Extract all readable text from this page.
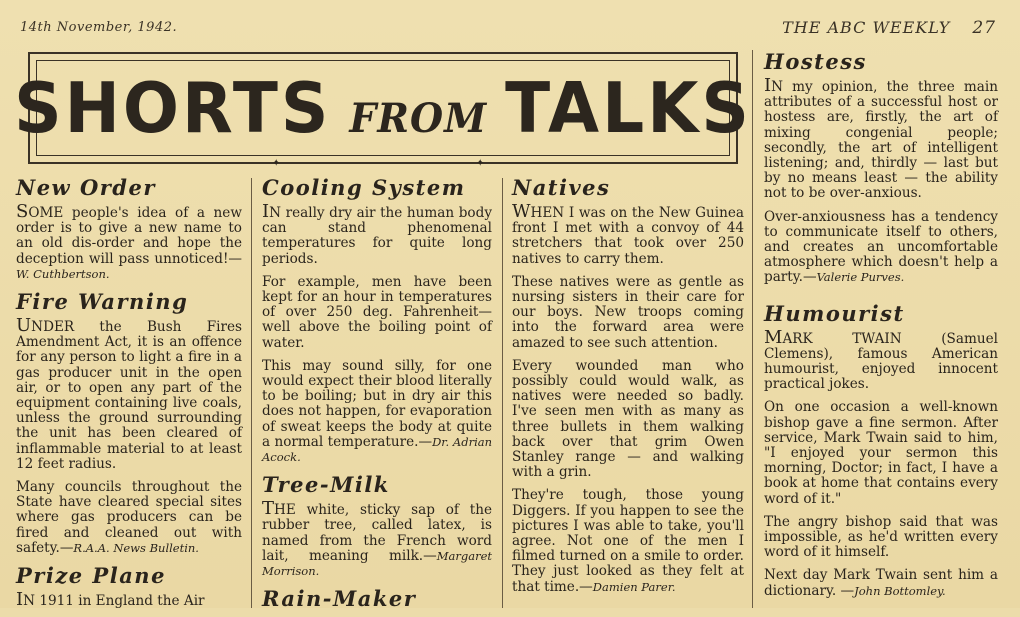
14th November, 1942.	THE ABC WEEKLY 27
SHORTS FROM TALKS
✦	✦
New Order

SOME people's idea of a new order is to give a new name to an old dis-order and hope the deception will pass unnoticed!—W. Cuthbertson.

Fire Warning

UNDER the Bush Fires Amendment Act, it is an offence for any person to light a fire in a gas producer unit in the open air, or to open any part of the equipment containing live coals, unless the ground surrounding the unit has been cleared of inflammable material to at least 12 feet radius.

Many councils throughout the State have cleared special sites where gas producers can be fired and cleaned out with safety.—R.A.A. News Bulletin.

Prize Plane

IN 1911 in England the Air

Cooling System

IN really dry air the human body can stand phenomenal temperatures for quite long periods.

For example, men have been kept for an hour in temperatures of over 250 deg. Fahrenheit—well above the boiling point of water.

This may sound silly, for one would expect their blood literally to be boiling; but in dry air this does not happen, for evaporation of sweat keeps the body at quite a normal temperature.—Dr. Adrian Acock.

Tree-Milk

THE white, sticky sap of the rubber tree, called latex, is named from the French word lait, meaning milk.—Margaret Morrison.

Rain-Maker
Natives

WHEN I was on the New Guinea front I met with a convoy of 44 stretchers that took over 250 natives to carry them.

These natives were as gentle as nursing sisters in their care for our boys. New troops coming into the forward area were amazed to see such attention.

Every wounded man who possibly could would walk, as natives were needed so badly. I've seen men with as many as three bullets in them walking back over that grim Owen Stanley range — and walking with a grin.

They're tough, those young Diggers. If you happen to see the pictures I was able to take, you'll agree. Not one of the men I filmed turned on a smile to order. They just looked as they felt at that time.—Damien Parer.

Hostess

IN my opinion, the three main attributes of a successful host or hostess are, firstly, the art of mixing congenial people; secondly, the art of intelligent listening; and, thirdly — last but by no means least — the ability not to be over-anxious.

Over-anxiousness has a tendency to communicate itself to others, and creates an uncomfortable atmosphere which doesn't help a party.—Valerie Purves.

Humourist

MARK TWAIN (Samuel Clemens), famous American humourist, enjoyed innocent practical jokes.

On one occasion a well-known bishop gave a fine sermon. After service, Mark Twain said to him, "I enjoyed your sermon this morning, Doctor; in fact, I have a book at home that contains every word of it."

The angry bishop said that was impossible, as he'd written every word of it himself.

Next day Mark Twain sent him a dictionary. —John Bottomley.
